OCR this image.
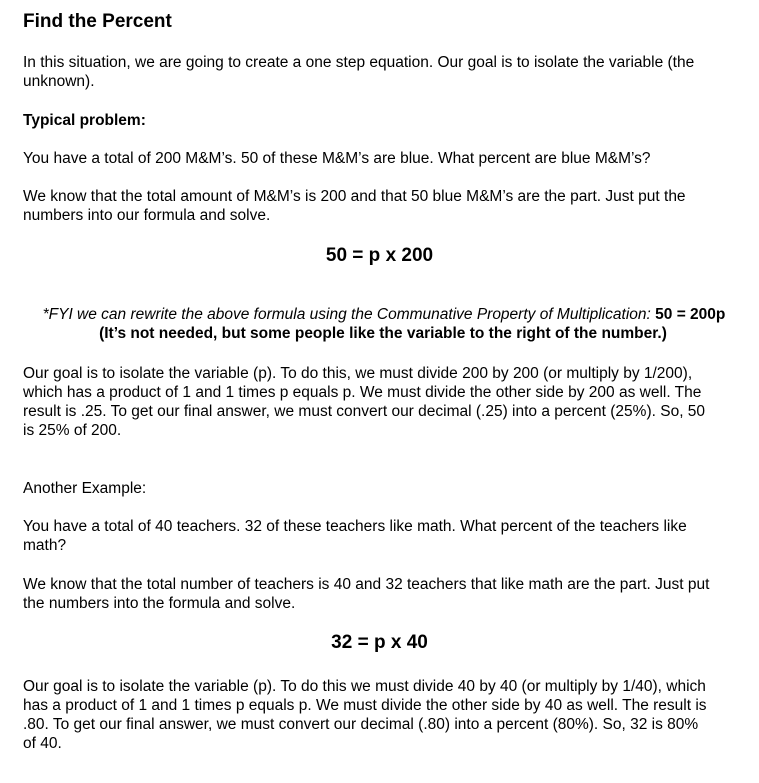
Find the Percent

In this situation, we are going to create a one step equation. Our goal is to isolate the variable (the

unknown).

Typical problem:

You have a total of 200 M&M’s. 50 of these M&M’s are blue. What percent are blue M&M’s?

We know that the total amount of M&M’s is 200 and that 50 blue M&M’s are the part. Just put the

numbers into our formula and solve.

50 = p x 200

*FYI we can rewrite the above formula using the Communative Property of Multiplication: 50 = 200p

(It’s not needed, but some people like the variable to the right of the number.)

Our goal is to isolate the variable (p). To do this, we must divide 200 by 200 (or multiply by 1/200),

which has a product of 1 and 1 times p equals p. We must divide the other side by 200 as well. The

result is .25. To get our final answer, we must convert our decimal (.25) into a percent (25%). So, 50

is 25% of 200.

Another Example:

You have a total of 40 teachers. 32 of these teachers like math. What percent of the teachers like

math?

We know that the total number of teachers is 40 and 32 teachers that like math are the part. Just put

the numbers into the formula and solve.

32 = p x 40

Our goal is to isolate the variable (p). To do this we must divide 40 by 40 (or multiply by 1/40), which

has a product of 1 and 1 times p equals p. We must divide the other side by 40 as well. The result is

.80. To get our final answer, we must convert our decimal (.80) into a percent (80%). So, 32 is 80%

of 40.
